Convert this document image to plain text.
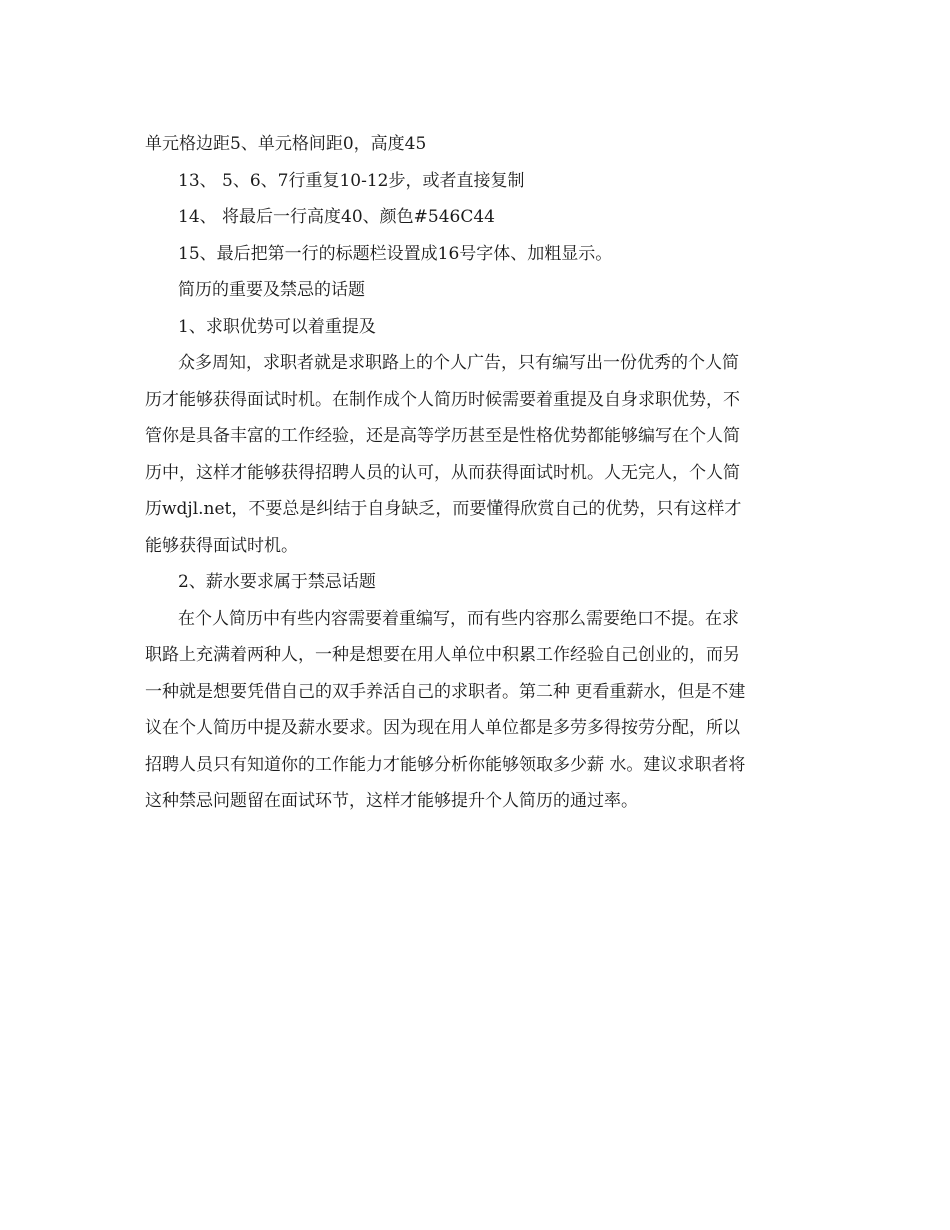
单元格边距5、单元格间距0，高度45
13、 5、6、7行重复10-12步，或者直接复制
14、 将最后一行高度40、颜色#546C44
15、最后把第一行的标题栏设置成16号字体、加粗显示。
简历的重要及禁忌的话题
1、求职优势可以着重提及
众多周知，求职者就是求职路上的个人广告，只有编写出一份优秀的个人简
历才能够获得面试时机。在制作成个人简历时候需要着重提及自身求职优势，不
管你是具备丰富的工作经验，还是高等学历甚至是性格优势都能够编写在个人简
历中，这样才能够获得招聘人员的认可，从而获得面试时机。人无完人，个人简
历wdjl.net，不要总是纠结于自身缺乏，而要懂得欣赏自己的优势，只有这样才
能够获得面试时机。
2、薪水要求属于禁忌话题
在个人简历中有些内容需要着重编写，而有些内容那么需要绝口不提。在求
职路上充满着两种人，一种是想要在用人单位中积累工作经验自己创业的，而另
一种就是想要凭借自己的双手养活自己的求职者。第二种 更看重薪水，但是不建
议在个人简历中提及薪水要求。因为现在用人单位都是多劳多得按劳分配，所以
招聘人员只有知道你的工作能力才能够分析你能够领取多少薪 水。建议求职者将
这种禁忌问题留在面试环节，这样才能够提升个人简历的通过率。
